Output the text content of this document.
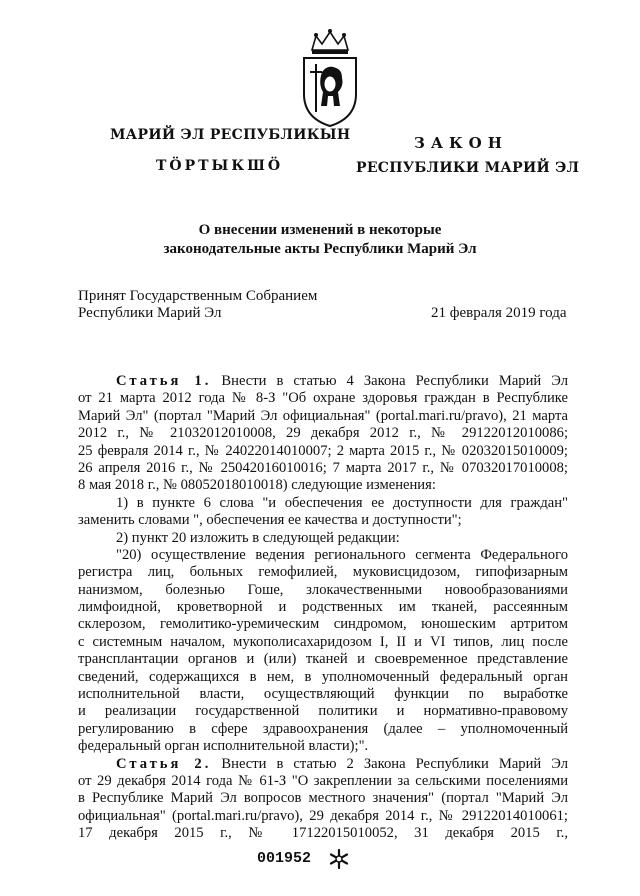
МАРИЙ ЭЛ РЕСПУБЛИКЫН
ТӦРТЫКШӦ
ЗАКОН
РЕСПУБЛИКИ МАРИЙ ЭЛ
О внесении изменений в некоторые
законодательные акты Республики Марий Эл
Принят Государственным Собранием
Республики Марий Эл	21 февраля 2019 года
Статья 1. Внести в статью 4 Закона Республики Марий Эл
от 21 марта 2012 года № 8-З "Об охране здоровья граждан в Республике
Марий Эл" (портал "Марий Эл официальная" (portal.mari.ru/pravo), 21 марта
2012 г., № 21032012010008, 29 декабря 2012 г., № 29122012010086;
25 февраля 2014 г., № 24022014010007; 2 марта 2015 г., № 02032015010009;
26 апреля 2016 г., № 25042016010016; 7 марта 2017 г., № 07032017010008;
8 мая 2018 г., № 08052018010018) следующие изменения:
1) в пункте 6 слова "и обеспечения ее доступности для граждан"
заменить словами ", обеспечения ее качества и доступности";
2) пункт 20 изложить в следующей редакции:
"20) осуществление ведения регионального сегмента Федерального
регистра лиц, больных гемофилией, муковисцидозом, гипофизарным
нанизмом, болезнью Гоше, злокачественными новообразованиями
лимфоидной, кроветворной и родственных им тканей, рассеянным
склерозом, гемолитико-уремическим синдромом, юношеским артритом
с системным началом, мукополисахаридозом I, II и VI типов, лиц после
трансплантации органов и (или) тканей и своевременное представление
сведений, содержащихся в нем, в уполномоченный федеральный орган
исполнительной власти, осуществляющий функции по выработке
и реализации государственной политики и нормативно-правовому
регулированию в сфере здравоохранения (далее – уполномоченный
федеральный орган исполнительной власти);".
Статья 2. Внести в статью 2 Закона Республики Марий Эл
от 29 декабря 2014 года № 61-З "О закреплении за сельскими поселениями
в Республике Марий Эл вопросов местного значения" (портал "Марий Эл
официальная" (portal.mari.ru/pravo), 29 декабря 2014 г., № 29122014010061;
17 декабря 2015 г., № 17122015010052, 31 декабря 2015 г.,
001952
